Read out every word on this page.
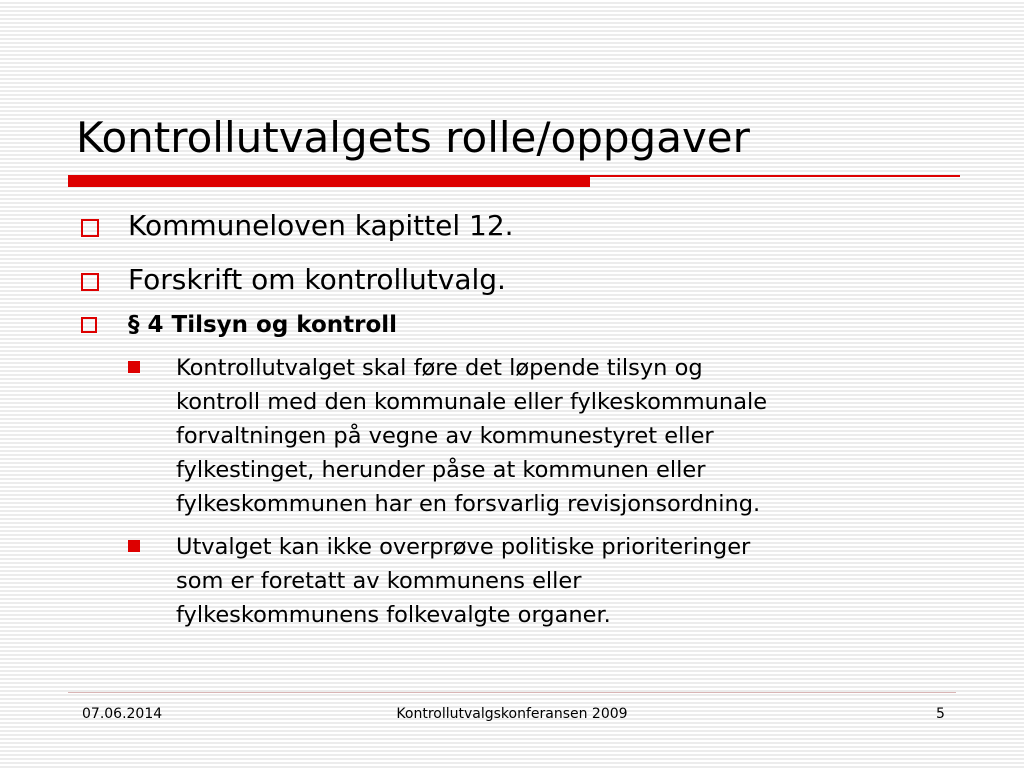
Kontrollutvalgets rolle/oppgaver

Kommuneloven kapittel 12.

Forskrift om kontrollutvalg.

§ 4 Tilsyn og kontroll

Kontrollutvalget skal føre det løpende tilsyn og

kontroll med den kommunale eller fylkeskommunale

forvaltningen på vegne av kommunestyret eller

fylkestinget, herunder påse at kommunen eller

fylkeskommunen har en forsvarlig revisjonsordning.

Utvalget kan ikke overprøve politiske prioriteringer

som er foretatt av kommunens eller

fylkeskommunens folkevalgte organer.

07.06.2014	Kontrollutvalgskonferansen 2009	5
